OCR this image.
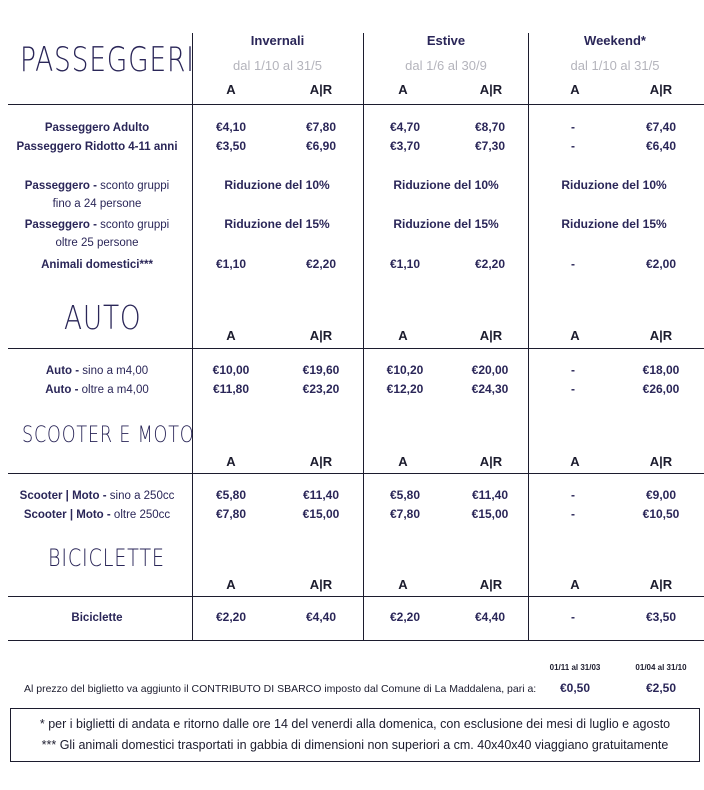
PASSEGGERI
AUTO
SCOOTER E MOTO
BICICLETTE
Invernali	Estive	Weekend*
dal 1/10 al 31/5	dal 1/6 al 30/9	dal 1/10 al 31/5
A	A|R	A	A|R	A	A|R
A	A|R	A	A|R	A	A|R
A	A|R	A	A|R	A	A|R
A	A|R	A	A|R	A	A|R
Passeggero Adulto	€4,10	€7,80	€4,70	€8,70	-	€7,40
Passeggero Ridotto 4-11 anni	€3,50	€6,90	€3,70	€7,30	-	€6,40
Passeggero - sconto gruppi
fino a 24 persone
Riduzione del 10%	Riduzione del 10%	Riduzione del 10%
Passeggero - sconto gruppi
oltre 25 persone
Riduzione del 15%	Riduzione del 15%	Riduzione del 15%
Animali domestici***	€1,10	€2,20	€1,10	€2,20	-	€2,00
Auto - sino a m4,00	€10,00	€19,60	€10,20	€20,00	-	€18,00
Auto - oltre a m4,00	€11,80	€23,20	€12,20	€24,30	-	€26,00
Scooter | Moto - sino a 250cc	€5,80	€11,40	€5,80	€11,40	-	€9,00
Scooter | Moto - oltre 250cc	€7,80	€15,00	€7,80	€15,00	-	€10,50
Biciclette	€2,20	€4,40	€2,20	€4,40	-	€3,50
01/11 al 31/03	01/04 al 31/10
Al prezzo del biglietto va aggiunto il CONTRIBUTO DI SBARCO imposto dal Comune di La Maddalena, pari a:	€0,50	€2,50
* per i biglietti di andata e ritorno dalle ore 14 del venerdi alla domenica, con esclusione dei mesi di luglio e agosto
*** Gli animali domestici trasportati in gabbia di dimensioni non superiori a cm. 40x40x40 viaggiano gratuitamente
